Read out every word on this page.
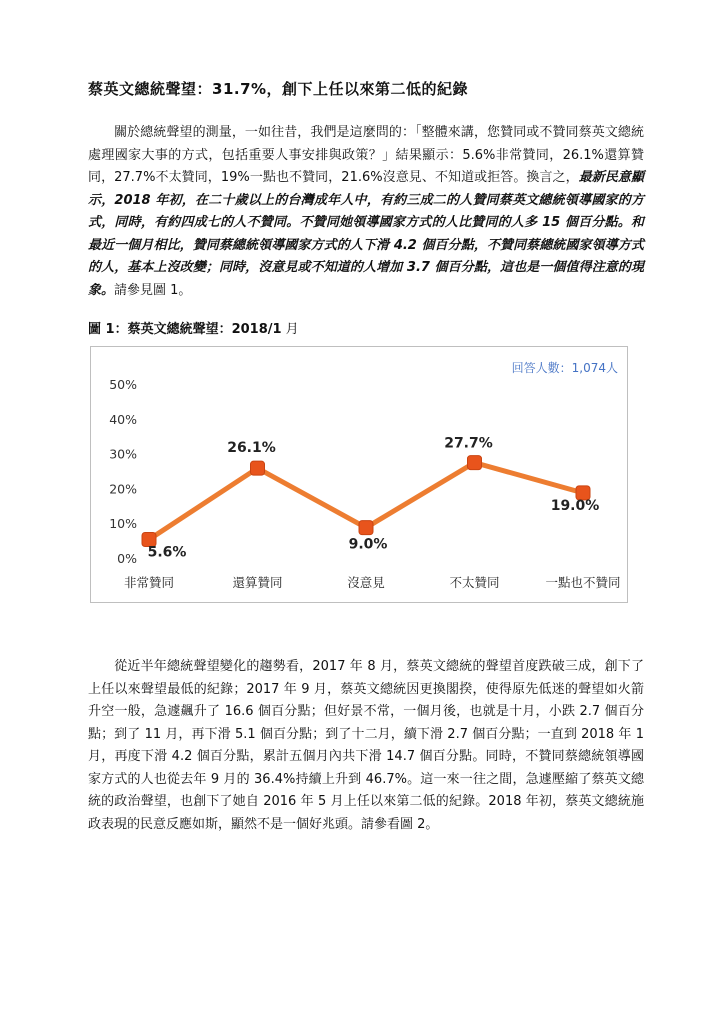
蔡英文總統聲望：31.7%，創下上任以來第二低的紀錄

關於總統聲望的測量，一如往昔，我們是這麼問的：「整體來講，您贊同或不贊同蔡英文總統處理國家大事的方式，包括重要人事安排與政策？」結果顯示：5.6%非常贊同，26.1%還算贊同，27.7%不太贊同，19%一點也不贊同，21.6%沒意見、不知道或拒答。換言之，最新民意顯示，2018 年初，在二十歲以上的台灣成年人中，有約三成二的人贊同蔡英文總統領導國家的方式，同時，有約四成七的人不贊同。不贊同她領導國家方式的人比贊同的人多 15 個百分點。和最近一個月相比，贊同蔡總統領導國家方式的人下滑 4.2 個百分點，不贊同蔡總統國家領導方式的人，基本上沒改變；同時，沒意見或不知道的人增加 3.7 個百分點，這也是一個值得注意的現象。請參見圖 1。

圖 1：蔡英文總統聲望：2018/1 月
0%
10%
20%
30%
40%
50%
回答人數：1,074人
5.6%
26.1%
9.0%
27.7%
19.0%
非常贊同	還算贊同	沒意見	不太贊同	一點也不贊同

從近半年總統聲望變化的趨勢看，2017 年 8 月，蔡英文總統的聲望首度跌破三成，創下了上任以來聲望最低的紀錄；2017 年 9 月，蔡英文總統因更換閣揆，使得原先低迷的聲望如火箭升空一般，急遽飆升了 16.6 個百分點；但好景不常，一個月後，也就是十月，小跌 2.7 個百分點；到了 11 月，再下滑 5.1 個百分點；到了十二月，續下滑 2.7 個百分點；一直到 2018 年 1 月，再度下滑 4.2 個百分點，累計五個月內共下滑 14.7 個百分點。同時，不贊同蔡總統領導國家方式的人也從去年 9 月的 36.4%持續上升到 46.7%。這一來一往之間，急遽壓縮了蔡英文總統的政治聲望，也創下了她自 2016 年 5 月上任以來第二低的紀錄。2018 年初，蔡英文總統施政表現的民意反應如斯，顯然不是一個好兆頭。請參看圖 2。
